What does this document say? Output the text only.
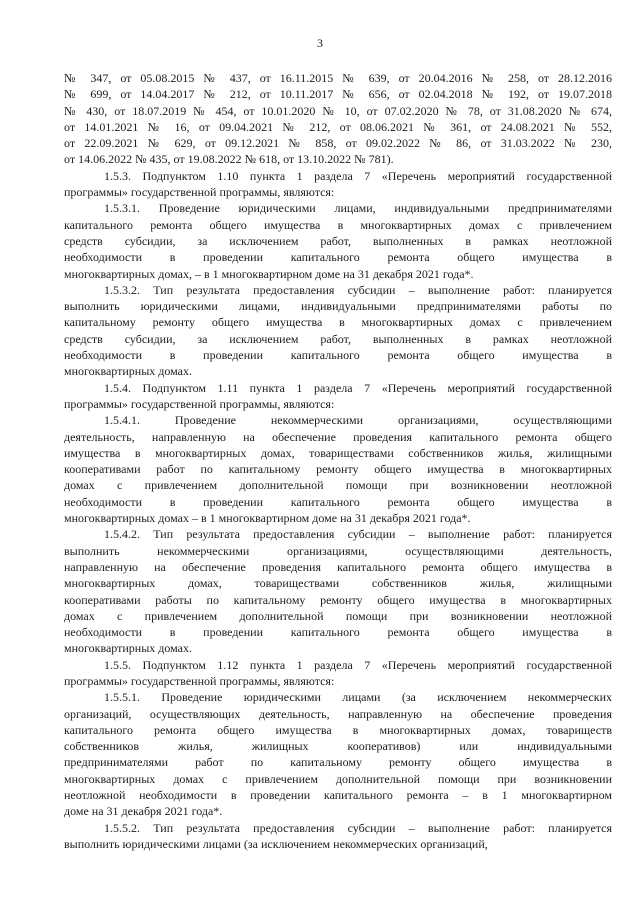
3

№ 347, от 05.08.2015 № 437, от 16.11.2015 № 639, от 20.04.2016 № 258, от 28.12.2016

№ 699, от 14.04.2017 № 212, от 10.11.2017 № 656, от 02.04.2018 № 192, от 19.07.2018

№ 430, от 18.07.2019 № 454, от 10.01.2020 № 10, от 07.02.2020 № 78, от 31.08.2020 № 674,

от 14.01.2021 № 16, от 09.04.2021 № 212, от 08.06.2021 № 361, от 24.08.2021 № 552,

от 22.09.2021 № 629, от 09.12.2021 № 858, от 09.02.2022 № 86, от 31.03.2022 № 230,

от 14.06.2022 № 435, от 19.08.2022 № 618, от 13.10.2022 № 781).

1.5.3. Подпунктом 1.10 пункта 1 раздела 7 «Перечень мероприятий государственной

программы» государственной программы, являются:

1.5.3.1. Проведение юридическими лицами, индивидуальными предпринимателями

капитального ремонта общего имущества в многоквартирных домах с привлечением

средств субсидии, за исключением работ, выполненных в рамках неотложной

необходимости в проведении капитального ремонта общего имущества в

многоквартирных домах, – в 1 многоквартирном доме на 31 декабря 2021 года*.

1.5.3.2. Тип результата предоставления субсидии – выполнение работ: планируется

выполнить юридическими лицами, индивидуальными предпринимателями работы по

капитальному ремонту общего имущества в многоквартирных домах с привлечением

средств субсидии, за исключением работ, выполненных в рамках неотложной

необходимости в проведении капитального ремонта общего имущества в

многоквартирных домах.

1.5.4. Подпунктом 1.11 пункта 1 раздела 7 «Перечень мероприятий государственной

программы» государственной программы, являются:

1.5.4.1. Проведение некоммерческими организациями, осуществляющими

деятельность, направленную на обеспечение проведения капитального ремонта общего

имущества в многоквартирных домах, товариществами собственников жилья, жилищными

кооперативами работ по капитальному ремонту общего имущества в многоквартирных

домах с привлечением дополнительной помощи при возникновении неотложной

необходимости в проведении капитального ремонта общего имущества в

многоквартирных домах – в 1 многоквартирном доме на 31 декабря 2021 года*.

1.5.4.2. Тип результата предоставления субсидии – выполнение работ: планируется

выполнить некоммерческими организациями, осуществляющими деятельность,

направленную на обеспечение проведения капитального ремонта общего имущества в

многоквартирных домах, товариществами собственников жилья, жилищными

кооперативами работы по капитальному ремонту общего имущества в многоквартирных

домах с привлечением дополнительной помощи при возникновении неотложной

необходимости в проведении капитального ремонта общего имущества в

многоквартирных домах.

1.5.5. Подпунктом 1.12 пункта 1 раздела 7 «Перечень мероприятий государственной

программы» государственной программы, являются:

1.5.5.1. Проведение юридическими лицами (за исключением некоммерческих

организаций, осуществляющих деятельность, направленную на обеспечение проведения

капитального ремонта общего имущества в многоквартирных домах, товариществ

собственников жилья, жилищных кооперативов) или индивидуальными

предпринимателями работ по капитальному ремонту общего имущества в

многоквартирных домах с привлечением дополнительной помощи при возникновении

неотложной необходимости в проведении капитального ремонта – в 1 многоквартирном

доме на 31 декабря 2021 года*.

1.5.5.2. Тип результата предоставления субсидии – выполнение работ: планируется

выполнить юридическими лицами (за исключением некоммерческих организаций,
